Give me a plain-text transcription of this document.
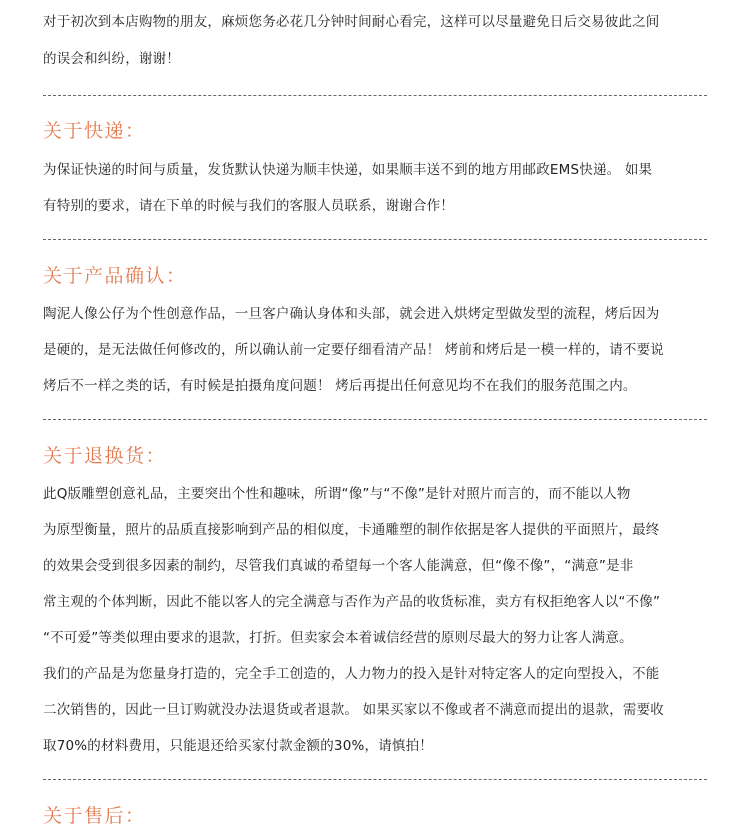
对于初次到本店购物的朋友，麻烦您务必花几分钟时间耐心看完，这样可以尽量避免日后交易彼此之间
的误会和纠纷，谢谢！
关于快递：
为保证快递的时间与质量，发货默认快递为顺丰快递，如果顺丰送不到的地方用邮政EMS快递。 如果
有特别的要求，请在下单的时候与我们的客服人员联系，谢谢合作！
关于产品确认：
陶泥人像公仔为个性创意作品，一旦客户确认身体和头部，就会进入烘烤定型做发型的流程，烤后因为
是硬的，是无法做任何修改的，所以确认前一定要仔细看清产品！ 烤前和烤后是一模一样的，请不要说
烤后不一样之类的话，有时候是拍摄角度问题！ 烤后再提出任何意见均不在我们的服务范围之内。
关于退换货：
此Q版雕塑创意礼品，主要突出个性和趣味，所谓“像”与“不像”是针对照片而言的，而不能以人物
为原型衡量，照片的品质直接影响到产品的相似度，卡通雕塑的制作依据是客人提供的平面照片，最终
的效果会受到很多因素的制约，尽管我们真诚的希望每一个客人能满意，但“像不像”，“满意”是非
常主观的个体判断，因此不能以客人的完全满意与否作为产品的收货标准，卖方有权拒绝客人以“不像”
“不可爱”等类似理由要求的退款，打折。但卖家会本着诚信经营的原则尽最大的努力让客人满意。
我们的产品是为您量身打造的，完全手工创造的，人力物力的投入是针对特定客人的定向型投入，不能
二次销售的，因此一旦订购就没办法退货或者退款。 如果买家以不像或者不满意而提出的退款，需要收
取70%的材料费用，只能退还给买家付款金额的30%，请慎拍！
关于售后：
